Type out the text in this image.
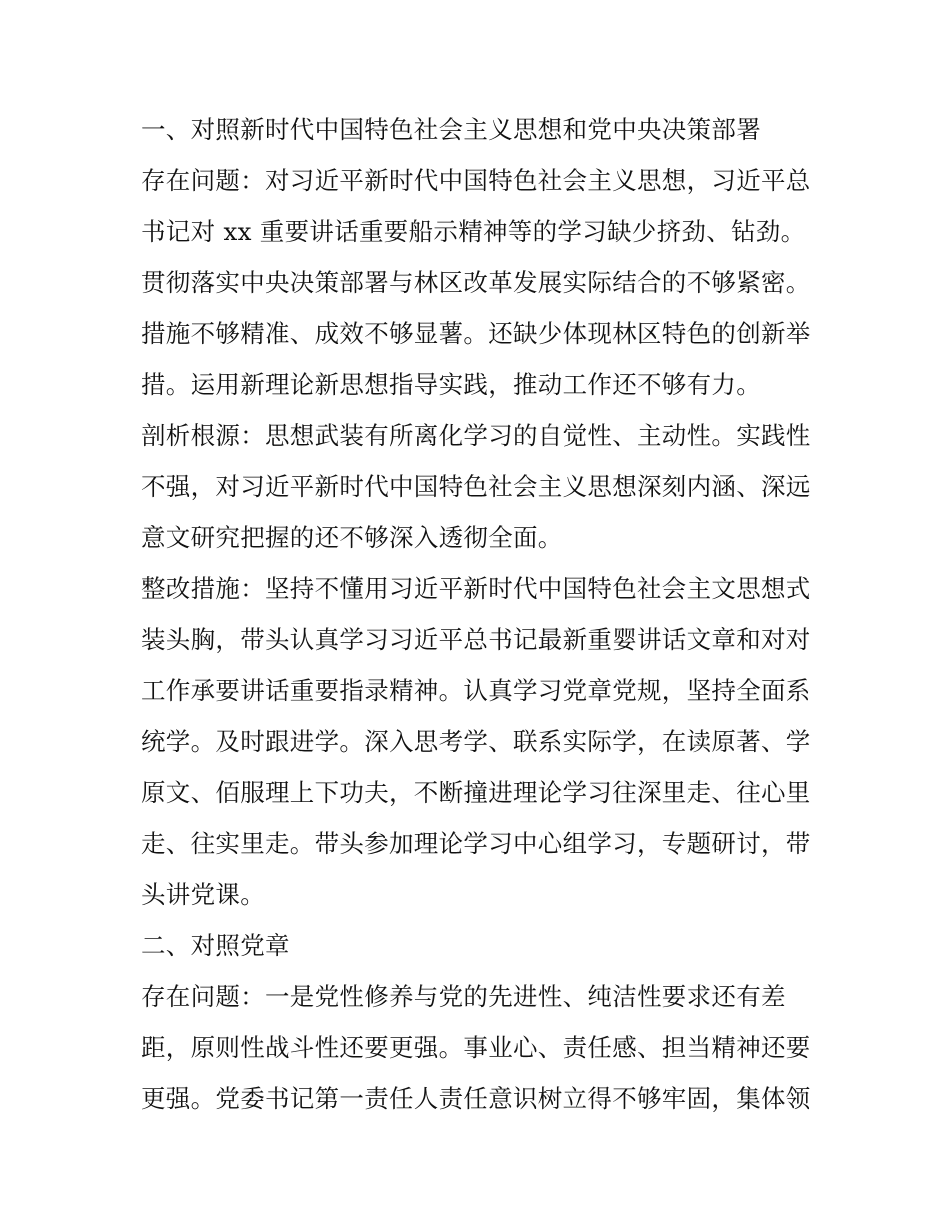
一、对照新时代中国特色社会主义思想和党中央决策部署
存在问题：对习近平新时代中国特色社会主义思想，习近平总
书记对 xx 重要讲话重要船示精神等的学习缺少挤劲、钻劲。
贯彻落实中央决策部署与林区改革发展实际结合的不够紧密。
措施不够精准、成效不够显薯。还缺少体现林区特色的创新举
措。运用新理论新思想指导实践，推动工作还不够有力。
剖析根源：思想武装有所离化学习的自觉性、主动性。实践性
不强，对习近平新时代中国特色社会主义思想深刻内涵、深远
意文研究把握的还不够深入透彻全面。
整改措施：坚持不懂用习近平新时代中国特色社会主文思想式
装头胸，带头认真学习习近平总书记最新重婴讲话文章和对对
工作承要讲话重要指录精神。认真学习党章党规，坚持全面系
统学。及时跟进学。深入思考学、联系实际学，在读原著、学
原文、佰服理上下功夫，不断撞进理论学习往深里走、往心里
走、往实里走。带头参加理论学习中心组学习，专题研讨，带
头讲党课。
二、对照党章
存在问题：一是党性修养与党的先进性、纯洁性要求还有差
距，原则性战斗性还要更强。事业心、责任感、担当精神还要
更强。党委书记第一责任人责任意识树立得不够牢固，集体领
